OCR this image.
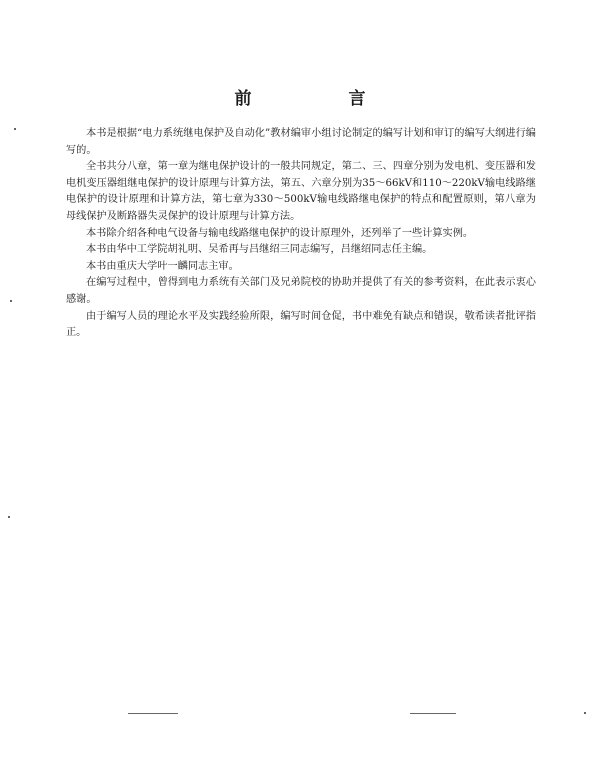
前　言

本书是根据“电力系统继电保护及自动化”教材编审小组讨论制定的编写计划和审订的编写大纲进行编写的。

全书共分八章，第一章为继电保护设计的一般共同规定，第二、三、四章分别为发电机、变压器和发电机变压器组继电保护的设计原理与计算方法，第五、六章分别为35～66kV和110～220kV输电线路继电保护的设计原理和计算方法，第七章为330～500kV输电线路继电保护的特点和配置原则，第八章为母线保护及断路器失灵保护的设计原理与计算方法。

本书除介绍各种电气设备与输电线路继电保护的设计原理外，还列举了一些计算实例。

本书由华中工学院胡礼明、吴希再与吕继绍三同志编写，吕继绍同志任主编。

本书由重庆大学叶一麟同志主审。

在编写过程中，曾得到电力系统有关部门及兄弟院校的协助并提供了有关的参考资料，在此表示衷心感谢。

由于编写人员的理论水平及实践经验所限，编写时间仓促，书中难免有缺点和错误，敬希读者批评指正。
